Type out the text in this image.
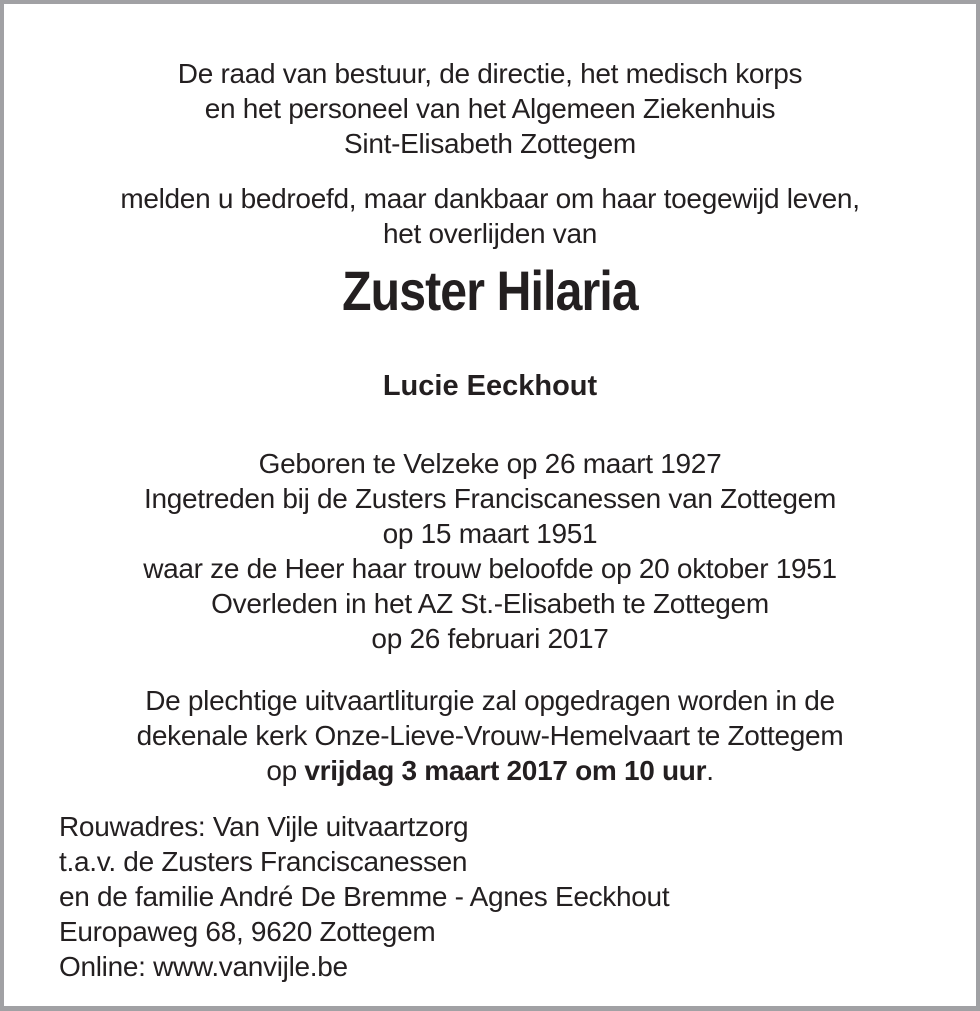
De raad van bestuur, de directie, het medisch korps
en het personeel van het Algemeen Ziekenhuis
Sint-Elisabeth Zottegem
melden u bedroefd, maar dankbaar om haar toegewijd leven,
het overlijden van
Zuster Hilaria
Lucie Eeckhout
Geboren te Velzeke op 26 maart 1927
Ingetreden bij de Zusters Franciscanessen van Zottegem
op 15 maart 1951
waar ze de Heer haar trouw beloofde op 20 oktober 1951
Overleden in het AZ St.-Elisabeth te Zottegem
op 26 februari 2017
De plechtige uitvaartliturgie zal opgedragen worden in de
dekenale kerk Onze-Lieve-Vrouw-Hemelvaart te Zottegem
op vrijdag 3 maart 2017 om 10 uur.
Rouwadres: Van Vijle uitvaartzorg
t.a.v. de Zusters Franciscanessen
en de familie André De Bremme - Agnes Eeckhout
Europaweg 68, 9620 Zottegem
Online: www.vanvijle.be
